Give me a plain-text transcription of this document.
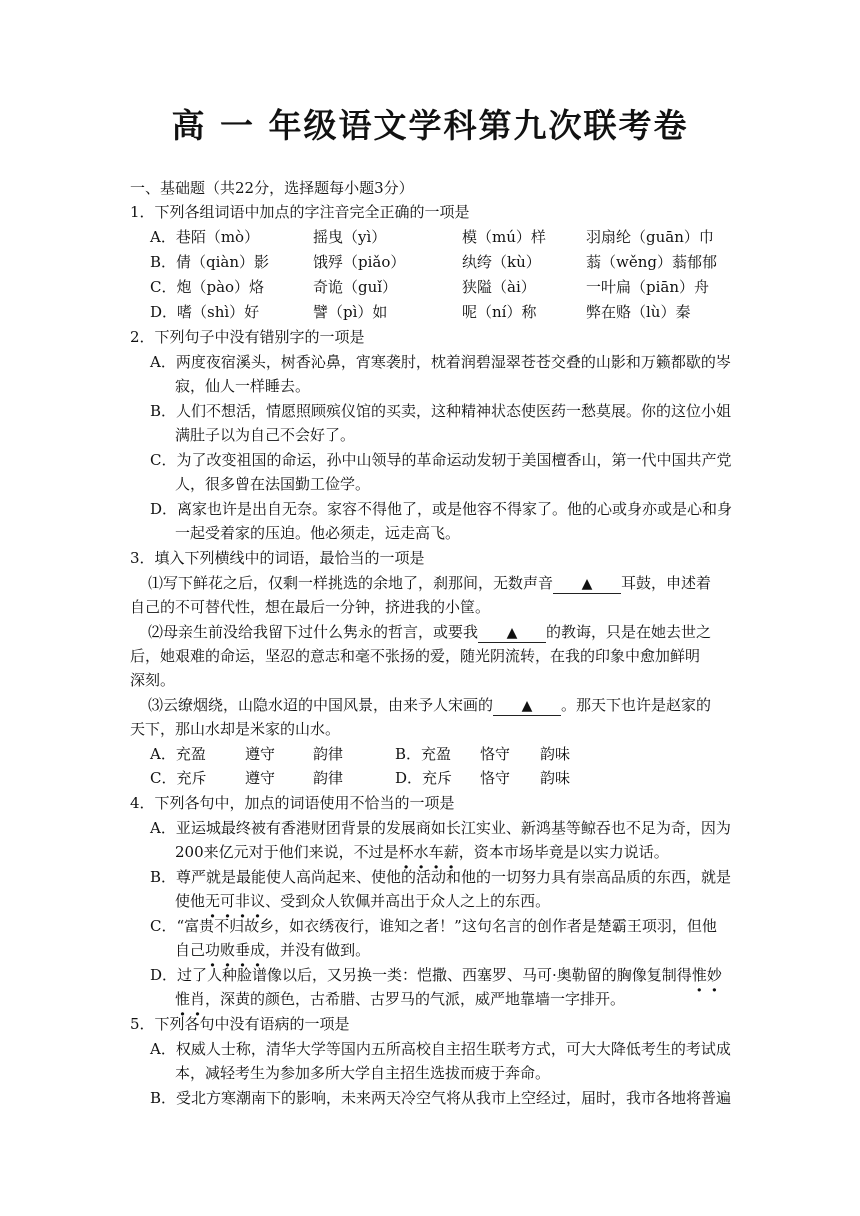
高 一 年级语文学科第九次联考卷
一、基础题（共22分，选择题每小题3分）
1．下列各组词语中加点的字注音完全正确的一项是
A．巷陌（mò）	摇曳（yì）	模（mú）样	羽扇纶（guān）巾
B．倩（qiàn）影	饿殍（piǎo）	纨绔（kù）	蓊（wěng）蓊郁郁
C．炮（pào）烙	奇诡（guǐ）	狭隘（ài）	一叶扁（piān）舟
D．嗜（shì）好	譬（pì）如	呢（ní）称	弊在赂（lù）秦
2．下列句子中没有错别字的一项是
A．两度夜宿溪头，树香沁鼻，宵寒袭肘，枕着润碧湿翠苍苍交叠的山影和万籁都歇的岑
寂，仙人一样睡去。
B．人们不想活，情愿照顾殡仪馆的买卖，这种精神状态使医药一愁莫展。你的这位小姐
满肚子以为自己不会好了。
C．为了改变祖国的命运，孙中山领导的革命运动发轫于美国檀香山，第一代中国共产党
人，很多曾在法国勤工俭学。
D．离家也许是出自无奈。家容不得他了，或是他容不得家了。他的心或身亦或是心和身
一起受着家的压迫。他必须走，远走高飞。
3．填入下列横线中的词语，最恰当的一项是
⑴写下鲜花之后，仅剩一样挑选的余地了，刹那间，无数声音 ▲	耳鼓，申述着
自己的不可替代性，想在最后一分钟，挤进我的小筐。
⑵母亲生前没给我留下过什么隽永的哲言，或要我 ▲	的教诲，只是在她去世之
后，她艰难的命运，坚忍的意志和毫不张扬的爱，随光阴流转，在我的印象中愈加鲜明
深刻。
⑶云缭烟绕，山隐水迢的中国风景，由来予人宋画的 ▲	。那天下也许是赵家的
天下，那山水却是米家的山水。
A．充盈	遵守	韵律	B．充盈 恪守 韵味
C．充斥	遵守	韵律	D．充斥 恪守 韵味
4．下列各句中，加点的词语使用不恰当的一项是
A．亚运城最终被有香港财团背景的发展商如长江实业、新鸿基等鲸吞也不足为奇，因为
200来亿元对于他们来说，不过是杯水车薪，资本市场毕竟是以实力说话。
B．尊严就是最能使人高尚起来、使他的活动和他的一切努力具有崇高品质的东西，就是
使他无可非议、受到众人钦佩并高出于众人之上的东西。
C．“富贵不归故乡，如衣绣夜行，谁知之者！”这句名言的创作者是楚霸王项羽，但他
自己功败垂成，并没有做到。
D．过了人种脸谱像以后，又另换一类：恺撒、西塞罗、马可·奥勒留的胸像复制得惟妙
惟肖，深黄的颜色，古希腊、古罗马的气派，威严地靠墙一字排开。
5．下列各句中没有语病的一项是
A．权威人士称，清华大学等国内五所高校自主招生联考方式，可大大降低考生的考试成
本，减轻考生为参加多所大学自主招生选拔而疲于奔命。
B．受北方寒潮南下的影响，未来两天冷空气将从我市上空经过，届时，我市各地将普遍
